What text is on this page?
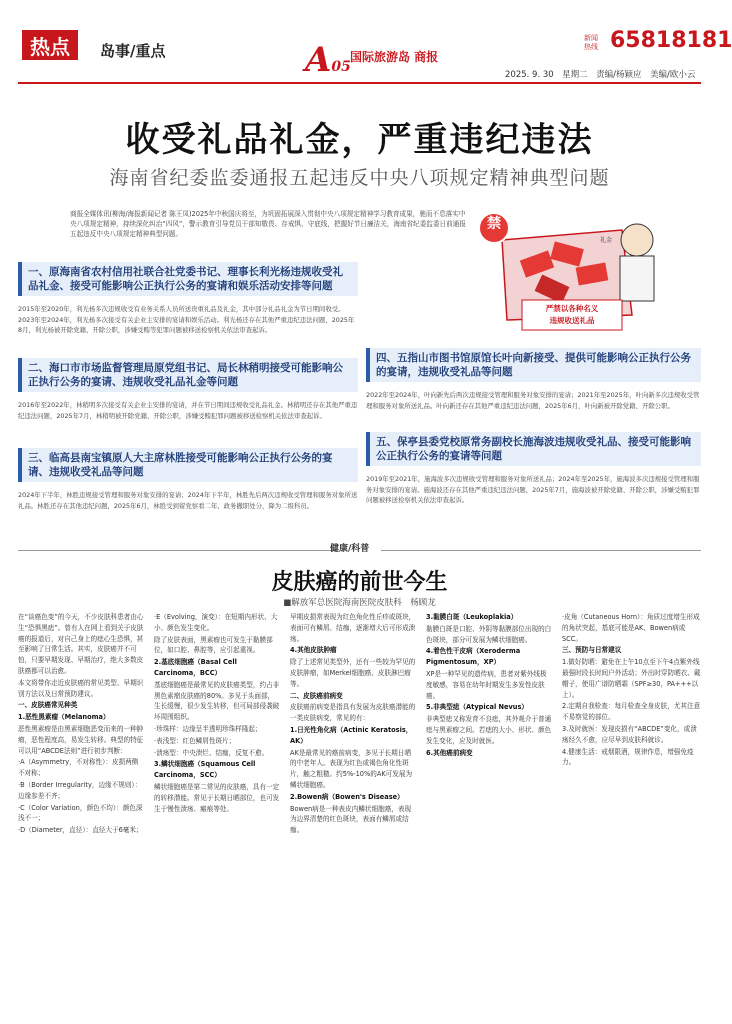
热点	岛事/重点	A05
国际旅游岛 商报
新闻热线 65818181
2025. 9. 30　星期二　责编/杨颖应　美编/欧小云
收受礼品礼金，严重违纪违法
海南省纪委监委通报五起违反中央八项规定精神典型问题
商报全媒体讯(柳海/海报新闻记者 陈王凤)2025年中秋国庆将至，为巩固拓展深入贯彻中央八项规定精神学习教育成果，驰而不息落实中央八项规定精神，持续深化纠治“四风”，警示教育引导党员干部知敬畏、存戒惧、守底线，把握好节日廉洁关，海南省纪委监委日前通报五起违反中央八项规定精神典型问题。
禁
礼金
严禁以各种名义
违规收送礼品
一、原海南省农村信用社联合社党委书记、理事长利光杨违规收受礼品礼金、接受可能影响公正执行公务的宴请和娱乐活动安排等问题
2015年至2020年，利光杨多次违规收受有业务关系人员所送贵重礼品及礼金，其中部分礼品礼金为节日期间收受。2023年至2024年，利光杨多次接受有关企业主安排的宴请和娱乐活动。利光杨还存在其他严重违纪违法问题，2025年8月，利光杨被开除党籍、开除公职，涉嫌受贿等犯罪问题被移送检察机关依法审查起诉。
二、海口市市场监督管理局原党组书记、局长林稍明接受可能影响公正执行公务的宴请、违规收受礼品礼金等问题
2016年至2022年，林稍明多次接受有关企业主安排的宴请，并在节日期间违规收受礼品礼金。林稍明还存在其他严重违纪违法问题，2025年7月，林稍明被开除党籍、开除公职，涉嫌受贿犯罪问题被移送检察机关依法审查起诉。
三、临高县南宝镇原人大主席林胜接受可能影响公正执行公务的宴请、违规收受礼品等问题
2024年下半年，林胜违规接受管理和服务对象安排的宴请；2024年下半年，林胜先后两次违规收受管理和服务对象所送礼品。林胜还存在其他违纪问题，2025年6月，林胜受到留党察看二年、政务撤职处分，降为二级科员。
四、五指山市图书馆原馆长叶向新接受、提供可能影响公正执行公务的宴请，违规收受礼品等问题
2022年至2024年，叶向新先后两次违规接受管理和服务对象安排的宴请；2021年至2025年，叶向新多次违规收受管理和服务对象所送礼品。叶向新还存在其他严重违纪违法问题，2025年6月，叶向新被开除党籍、开除公职。
五、保亭县委党校原常务副校长施海波违规收受礼品、接受可能影响公正执行公务的宴请等问题
2019年至2021年，施海波多次违规收受管理和服务对象所送礼品；2024年至2025年，施海波多次违规接受管理和服务对象安排的宴请。施海波还存在其他严重违纪违法问题，2025年7月，施海波被开除党籍、开除公职，涉嫌受贿犯罪问题被移送检察机关依法审查起诉。
健康/科普
皮肤癌的前世今生
■解放军总医院海南医院皮肤科　杨顾龙

在“谈癌色变”的今天，不少皮肤科患者由心生“恐惧黑痣”。曾有人在网上看到关于皮肤癌的报道后，对自己身上的痣心生恐惧，甚至影响了日常生活。其实，皮肤癌并不可怕，只要早期发现、早期治疗，绝大多数皮肤癌都可以治愈。

本文将带你走近皮肤癌的常见类型、早期识别方法以及日常预防建议。

一、皮肤癌常见种类

1.恶性黑素瘤（Melanoma）

恶性黑素瘤是由黑素细胞恶变而来的一种肿瘤，恶性程度高，易发生转移。典型的特征可以用“ABCDE法则”进行初步判断：

·A（Asymmetry，不对称性）：皮损两侧不对称；

·B（Border Irregularity，边缘不规则）：边缘参差不齐；

·C（Color Variation，颜色不均）：颜色深浅不一；

·D（Diameter，直径）：直径大于6毫米；

·E（Evolving，演变）：在短期内形状、大小、颜色发生变化。

除了皮肤表面，黑素瘤也可发生于黏膜部位，如口腔、鼻腔等，应引起重视。

2.基底细胞癌（Basal Cell Carcinoma，BCC）

基底细胞癌是最常见的皮肤癌类型，约占非黑色素瘤皮肤癌的80%。多见于头面部，生长缓慢，很少发生转移，但可局部侵袭破坏周围组织。

·珍珠样：边缘呈半透明珍珠样隆起；

·表浅型：红色鳞屑性斑片；

·溃疡型：中央溃烂、结痂，反复不愈。

3.鳞状细胞癌（Squamous Cell Carcinoma，SCC）

鳞状细胞癌是第二常见的皮肤癌，具有一定的转移潜能。常见于长期日晒部位，也可发生于慢性溃疡、瘢痕等处。

早期皮损常表现为红色角化性丘疹或斑块，表面可有鳞屑、结痂，逐渐增大后可形成溃疡。

4.其他皮肤肿瘤

除了上述常见类型外，还有一些较为罕见的皮肤肿瘤，如Merkel细胞癌、皮肤淋巴瘤等。

二、皮肤癌前病变

皮肤癌前病变是指具有发展为皮肤癌潜能的一类皮肤病变，常见的有：

1.日光性角化病（Actinic Keratosis，AK）

AK是最常见的癌前病变，多见于长期日晒的中老年人。表现为红色或褐色角化性斑片，触之粗糙。约5%-10%的AK可发展为鳞状细胞癌。

2.Bowen病（Bowen's Disease）

Bowen病是一种表皮内鳞状细胞癌，表现为边界清楚的红色斑块，表面有鳞屑或结痂。

3.黏膜白斑（Leukoplakia）

黏膜白斑是口腔、外阴等黏膜部位出现的白色斑块，部分可发展为鳞状细胞癌。

4.着色性干皮病（Xeroderma Pigmentosum，XP）

XP是一种罕见的遗传病，患者对紫外线极度敏感，容易在幼年时期发生多发性皮肤癌。

5.非典型痣（Atypical Nevus）

非典型痣又称发育不良痣，其外观介于普通痣与黑素瘤之间。若痣的大小、形状、颜色发生变化，应及时就医。

6.其他癌前病变

·皮角（Cutaneous Horn）：角质过度增生形成的角状突起，基底可能是AK、Bowen病或SCC。

三、预防与日常建议

1.做好防晒：避免在上午10点至下午4点紫外线最强时段长时间户外活动；外出时穿防晒衣、戴帽子，使用广谱防晒霜（SPF≥30，PA+++以上）。

2.定期自我检查：每月检查全身皮肤，尤其注意不易察觉的部位。

3.及时就医：发现皮损有“ABCDE”变化，或溃疡经久不愈，应尽早到皮肤科就诊。

4.健康生活：戒烟限酒，规律作息，增强免疫力。
